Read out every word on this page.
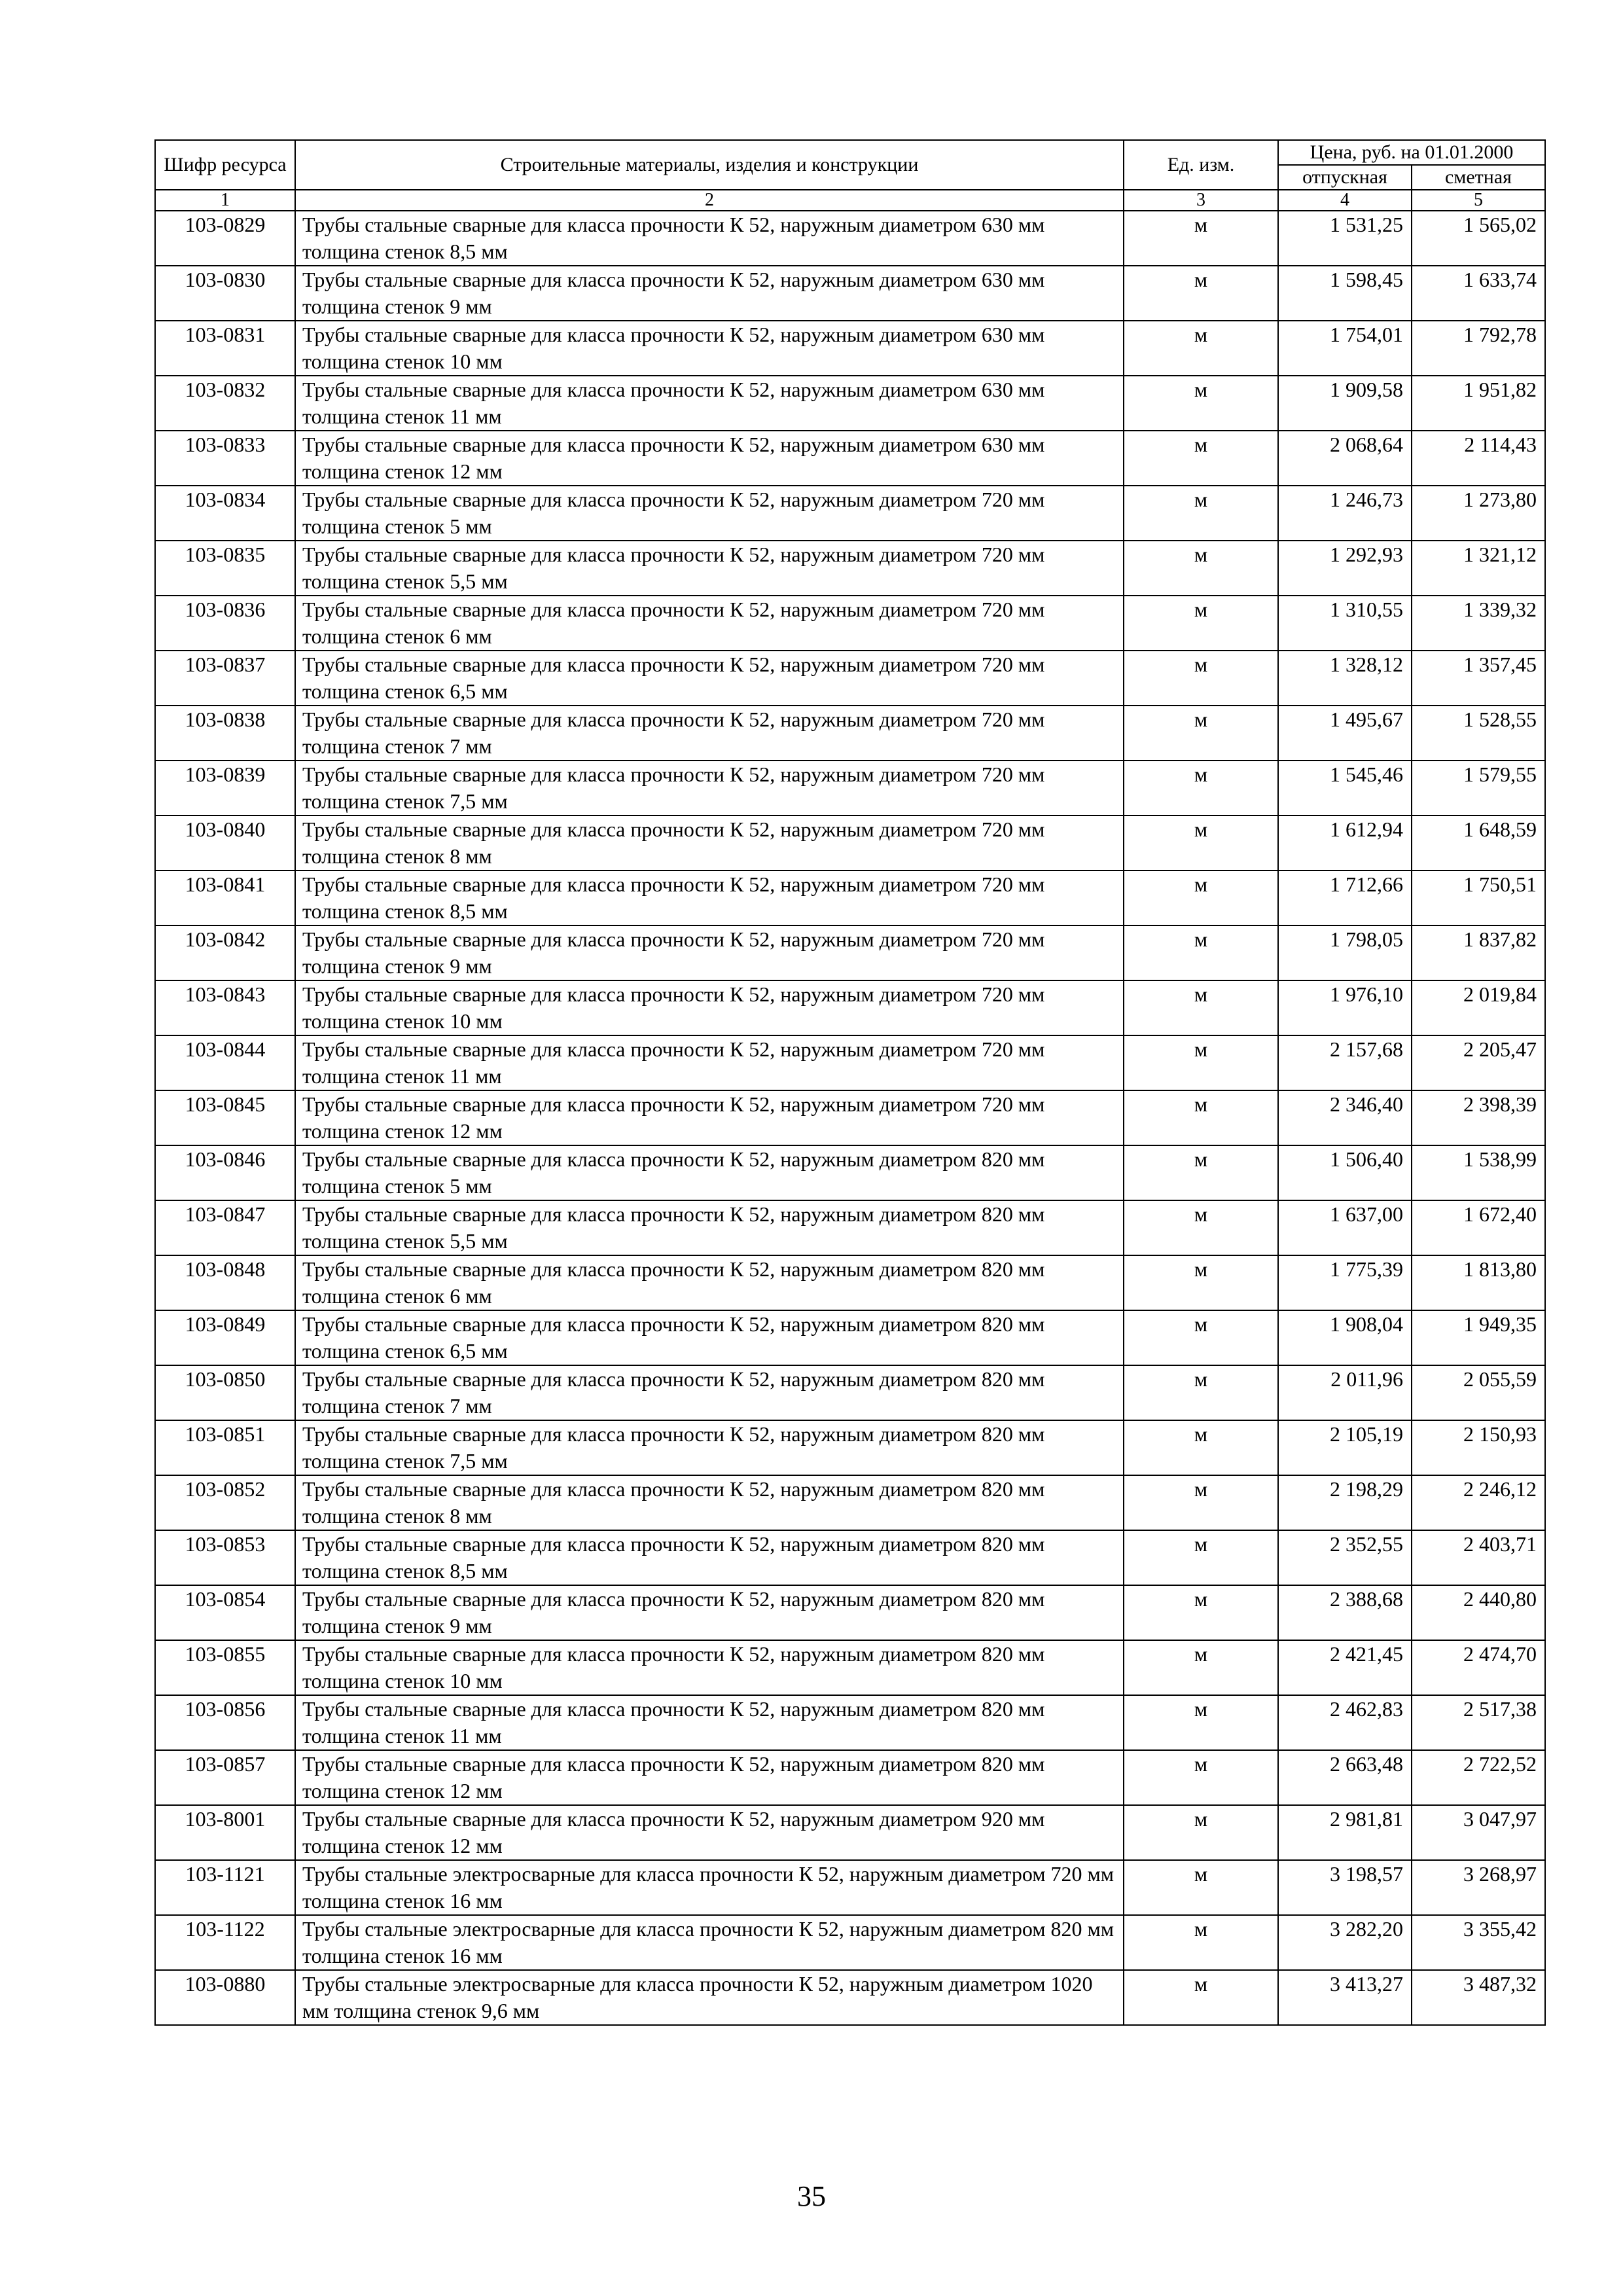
Шифр ресурса	Строительные материалы, изделия и конструкции	Ед. изм.	Цена, руб. на 01.01.2000	
			отпускная	сметная
1	2	3	4	5
103-0829	Трубы стальные сварные для класса прочности К 52, наружным диаметром 630 мм толщина стенок 8,5 мм	м	1 531,25	1 565,02
103-0830	Трубы стальные сварные для класса прочности К 52, наружным диаметром 630 мм толщина стенок 9 мм	м	1 598,45	1 633,74
103-0831	Трубы стальные сварные для класса прочности К 52, наружным диаметром 630 мм толщина стенок 10 мм	м	1 754,01	1 792,78
103-0832	Трубы стальные сварные для класса прочности К 52, наружным диаметром 630 мм толщина стенок 11 мм	м	1 909,58	1 951,82
103-0833	Трубы стальные сварные для класса прочности К 52, наружным диаметром 630 мм толщина стенок 12 мм	м	2 068,64	2 114,43
103-0834	Трубы стальные сварные для класса прочности К 52, наружным диаметром 720 мм толщина стенок 5 мм	м	1 246,73	1 273,80
103-0835	Трубы стальные сварные для класса прочности К 52, наружным диаметром 720 мм толщина стенок 5,5 мм	м	1 292,93	1 321,12
103-0836	Трубы стальные сварные для класса прочности К 52, наружным диаметром 720 мм толщина стенок 6 мм	м	1 310,55	1 339,32
103-0837	Трубы стальные сварные для класса прочности К 52, наружным диаметром 720 мм толщина стенок 6,5 мм	м	1 328,12	1 357,45
103-0838	Трубы стальные сварные для класса прочности К 52, наружным диаметром 720 мм толщина стенок 7 мм	м	1 495,67	1 528,55
103-0839	Трубы стальные сварные для класса прочности К 52, наружным диаметром 720 мм толщина стенок 7,5 мм	м	1 545,46	1 579,55
103-0840	Трубы стальные сварные для класса прочности К 52, наружным диаметром 720 мм толщина стенок 8 мм	м	1 612,94	1 648,59
103-0841	Трубы стальные сварные для класса прочности К 52, наружным диаметром 720 мм толщина стенок 8,5 мм	м	1 712,66	1 750,51
103-0842	Трубы стальные сварные для класса прочности К 52, наружным диаметром 720 мм толщина стенок 9 мм	м	1 798,05	1 837,82
103-0843	Трубы стальные сварные для класса прочности К 52, наружным диаметром 720 мм толщина стенок 10 мм	м	1 976,10	2 019,84
103-0844	Трубы стальные сварные для класса прочности К 52, наружным диаметром 720 мм толщина стенок 11 мм	м	2 157,68	2 205,47
103-0845	Трубы стальные сварные для класса прочности К 52, наружным диаметром 720 мм толщина стенок 12 мм	м	2 346,40	2 398,39
103-0846	Трубы стальные сварные для класса прочности К 52, наружным диаметром 820 мм толщина стенок 5 мм	м	1 506,40	1 538,99
103-0847	Трубы стальные сварные для класса прочности К 52, наружным диаметром 820 мм толщина стенок 5,5 мм	м	1 637,00	1 672,40
103-0848	Трубы стальные сварные для класса прочности К 52, наружным диаметром 820 мм толщина стенок 6 мм	м	1 775,39	1 813,80
103-0849	Трубы стальные сварные для класса прочности К 52, наружным диаметром 820 мм толщина стенок 6,5 мм	м	1 908,04	1 949,35
103-0850	Трубы стальные сварные для класса прочности К 52, наружным диаметром 820 мм толщина стенок 7 мм	м	2 011,96	2 055,59
103-0851	Трубы стальные сварные для класса прочности К 52, наружным диаметром 820 мм толщина стенок 7,5 мм	м	2 105,19	2 150,93
103-0852	Трубы стальные сварные для класса прочности К 52, наружным диаметром 820 мм толщина стенок 8 мм	м	2 198,29	2 246,12
103-0853	Трубы стальные сварные для класса прочности К 52, наружным диаметром 820 мм толщина стенок 8,5 мм	м	2 352,55	2 403,71
103-0854	Трубы стальные сварные для класса прочности К 52, наружным диаметром 820 мм толщина стенок 9 мм	м	2 388,68	2 440,80
103-0855	Трубы стальные сварные для класса прочности К 52, наружным диаметром 820 мм толщина стенок 10 мм	м	2 421,45	2 474,70
103-0856	Трубы стальные сварные для класса прочности К 52, наружным диаметром 820 мм толщина стенок 11 мм	м	2 462,83	2 517,38
103-0857	Трубы стальные сварные для класса прочности К 52, наружным диаметром 820 мм толщина стенок 12 мм	м	2 663,48	2 722,52
103-8001	Трубы стальные сварные для класса прочности К 52, наружным диаметром 920 мм толщина стенок 12 мм	м	2 981,81	3 047,97
103-1121	Трубы стальные электросварные для класса прочности К 52, наружным диаметром 720 мм толщина стенок 16 мм	м	3 198,57	3 268,97
103-1122	Трубы стальные электросварные для класса прочности К 52, наружным диаметром 820 мм толщина стенок 16 мм	м	3 282,20	3 355,42
103-0880	Трубы стальные электросварные для класса прочности К 52, наружным диаметром 1020 мм толщина стенок 9,6 мм	м	3 413,27	3 487,32
35
